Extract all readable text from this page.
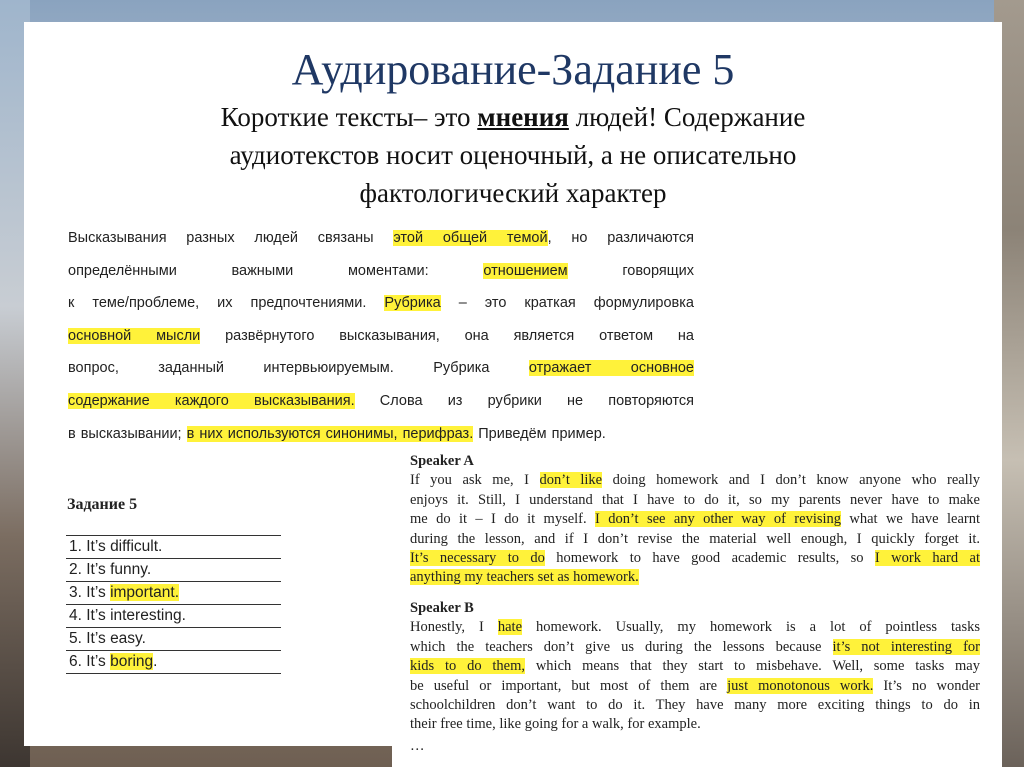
Аудирование-Задание 5
Короткие тексты– это мнения людей! Содержание
аудиотекстов носит оценочный, а не описательно
фактологический характер
Высказывания разных людей связаны этой общей темой, но различаются
определёнными важными моментами: отношением говорящих
к теме/проблеме, их предпочтениями. Рубрика – это краткая формулировка
основной мысли развёрнутого высказывания, она является ответом на
вопрос, заданный интервьюируемым. Рубрика отражает основное
содержание каждого высказывания. Слова из рубрики не повторяются
в высказывании; в них используются синонимы, перифраз. Приведём пример.
Задание 5
1. It’s difficult.
2. It’s funny.
3. It’s important.
4. It’s interesting.
5. It’s easy.
6. It’s boring.
Speaker A
If you ask me, I don’t like doing homework and I don’t know anyone who really
enjoys it. Still, I understand that I have to do it, so my parents never have to make
me do it – I do it myself. I don’t see any other way of revising what we have learnt
during the lesson, and if I don’t revise the material well enough, I quickly forget it.
It’s necessary to do homework to have good academic results, so I work hard at
anything my teachers set as homework.
Speaker B
Honestly, I hate homework. Usually, my homework is a lot of pointless tasks
which the teachers don’t give us during the lessons because it’s not interesting for
kids to do them, which means that they start to misbehave. Well, some tasks may
be useful or important, but most of them are just monotonous work. It’s no wonder
schoolchildren don’t want to do it. They have many more exciting things to do in
their free time, like going for a walk, for example.
…
